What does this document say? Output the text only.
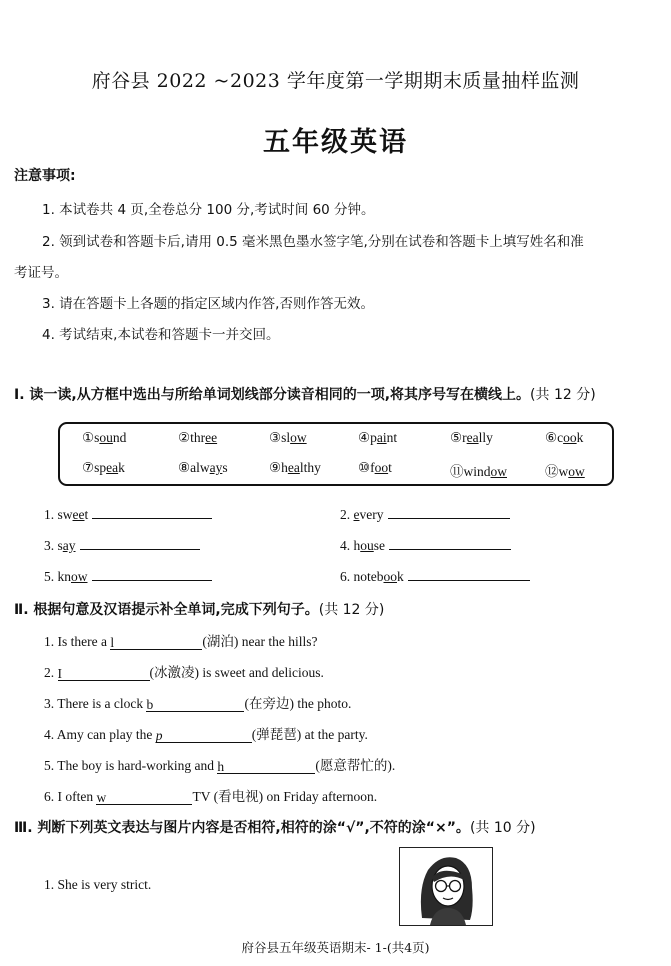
府谷县 2022 ~2023 学年度第一学期期末质量抽样监测
五年级英语
注意事项:
1. 本试卷共 4 页,全卷总分 100 分,考试时间 60 分钟。
2. 领到试卷和答题卡后,请用 0.5 毫米黑色墨水签字笔,分别在试卷和答题卡上填写姓名和准
考证号。
3. 请在答题卡上各题的指定区域内作答,否则作答无效。
4. 考试结束,本试卷和答题卡一并交回。
Ⅰ. 读一读,从方框中选出与所给单词划线部分读音相同的一项,将其序号写在横线上。(共 12 分)
①sound	②three	③slow	④paint	⑤really	⑥cook
⑦speak	⑧always	⑨healthy	⑩foot	⑪window	⑫wow
1. sweet	2. every
3. say	4. house
5. know	6. notebook
Ⅱ. 根据句意及汉语提示补全单词,完成下列句子。(共 12 分)
1. Is there a l	(湖泊) near the hills?
2. I	(冰激凌) is sweet and delicious.
3. There is a clock b	(在旁边) the photo.
4. Amy can play the p	(弹琵琶) at the party.
5. The boy is hard-working and h	(愿意帮忙的).
6. I often w	TV (看电视) on Friday afternoon.
Ⅲ. 判断下列英文表达与图片内容是否相符,相符的涂“√”,不符的涂“×”。(共 10 分)
1. She is very strict.
府谷县五年级英语期末- 1-(共4页)
